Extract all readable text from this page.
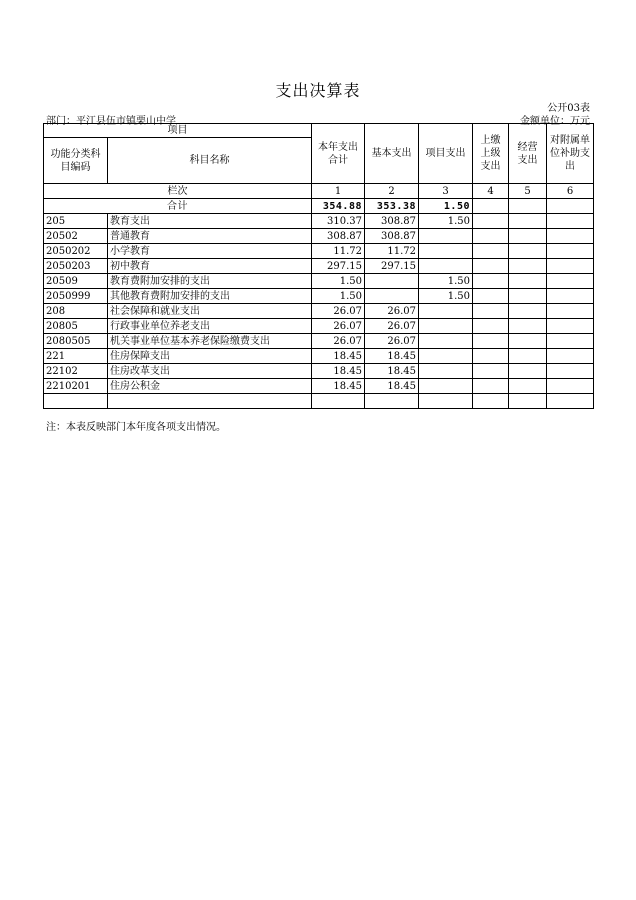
支出决算表
公开03表
部门：平江县伍市镇栗山中学	金额单位：万元
项目		本年支出合计	基本支出	项目支出	上缴上级支出	经营支出	对附属单位补助支出
功能分类科目编码	科目名称						
栏次		1	2	3	4	5	6
合计		354.88	353.38	1.50			
205	教育支出	310.37	308.87	1.50			
20502	普通教育	308.87	308.87				
2050202	小学教育	11.72	11.72				
2050203	初中教育	297.15	297.15				
20509	教育费附加安排的支出	1.50		1.50			
2050999	其他教育费附加安排的支出	1.50		1.50			
208	社会保障和就业支出	26.07	26.07				
20805	行政事业单位养老支出	26.07	26.07				
2080505	机关事业单位基本养老保险缴费支出	26.07	26.07				
221	住房保障支出	18.45	18.45				
22102	住房改革支出	18.45	18.45				
2210201	住房公积金	18.45	18.45				

注：本表反映部门本年度各项支出情况。
